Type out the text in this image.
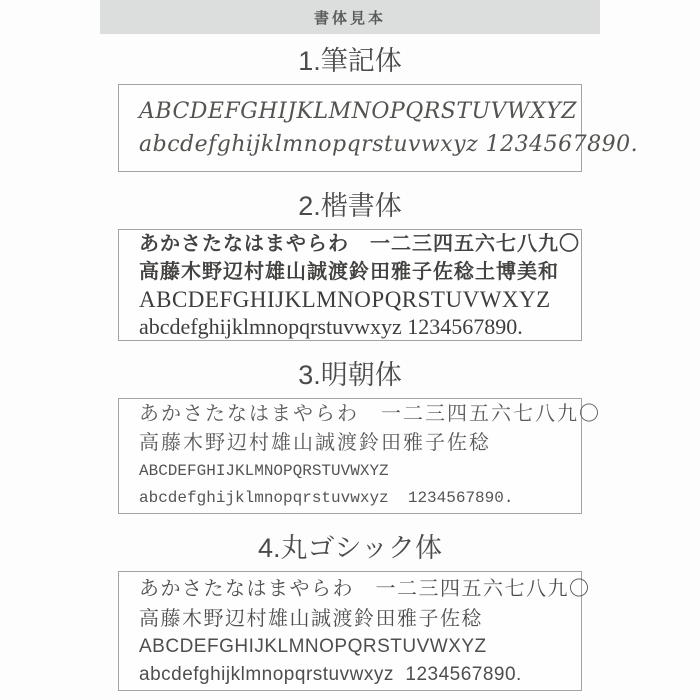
書体見本
1.筆記体
ABCDEFGHIJKLMNOPQRSTUVWXYZ
abcdefghijklmnopqrstuvwxyz 1234567890.
2.楷書体
あかさたなはまやらわ　一二三四五六七八九〇
高藤木野辺村雄山誠渡鈴田雅子佐稔土博美和
ABCDEFGHIJKLMNOPQRSTUVWXYZ
abcdefghijklmnopqrstuvwxyz 1234567890.
3.明朝体
あかさたなはまやらわ　一二三四五六七八九〇
高藤木野辺村雄山誠渡鈴田雅子佐稔
ABCDEFGHIJKLMNOPQRSTUVWXYZ
abcdefghijklmnopqrstuvwxyz  1234567890.
4.丸ゴシック体
あかさたなはまやらわ　一二三四五六七八九〇
高藤木野辺村雄山誠渡鈴田雅子佐稔
ABCDEFGHIJKLMNOPQRSTUVWXYZ
abcdefghijklmnopqrstuvwxyz  1234567890.
